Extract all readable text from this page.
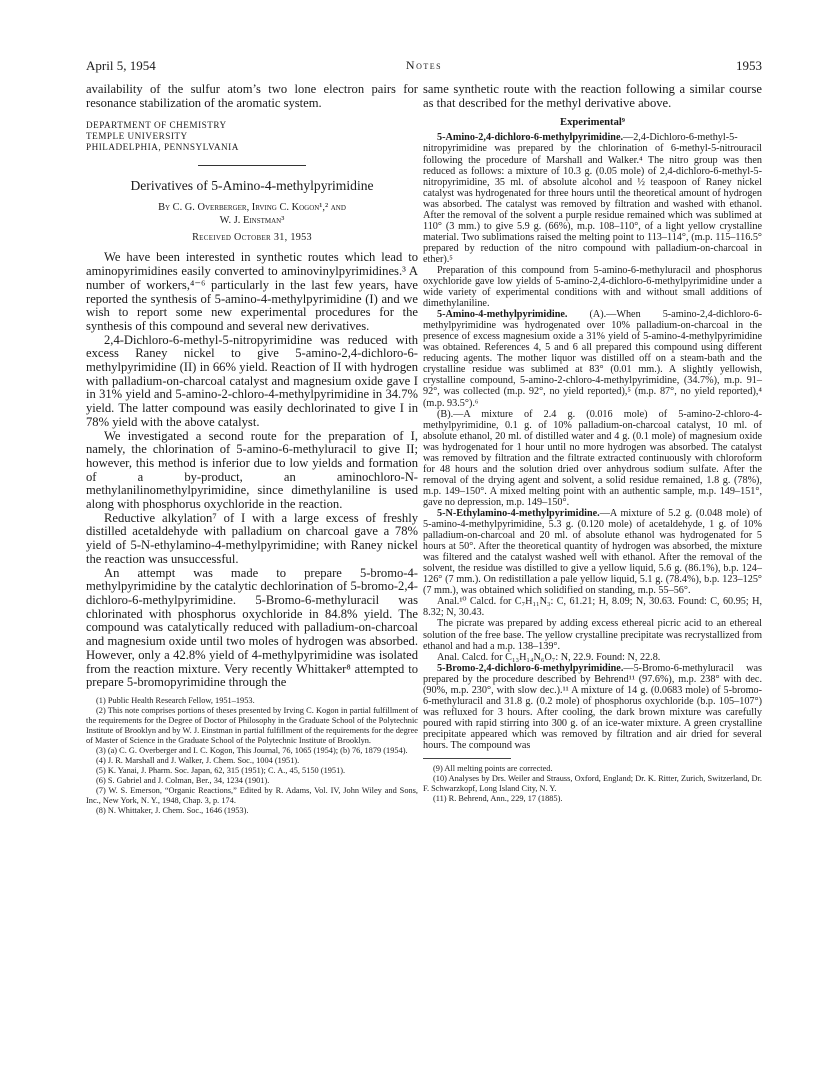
April 5, 1954	Notes	1953

availability of the sulfur atom’s two lone electron pairs for resonance stabilization of the aromatic system.

DEPARTMENT OF CHEMISTRY
TEMPLE UNIVERSITY
PHILADELPHIA, PENNSYLVANIA
Derivatives of 5-Amino-4-methylpyrimidine
By C. G. Overberger, Irving C. Kogon¹,² and
W. J. Einstman³
Received October 31, 1953

We have been interested in synthetic routes which lead to aminopyrimidines easily converted to aminovinylpyrimidines.³ A number of workers,⁴⁻⁶ particularly in the last few years, have reported the synthesis of 5-amino-4-methylpyrimidine (I) and we wish to report some new experimental procedures for the synthesis of this compound and several new derivatives.

2,4-Dichloro-6-methyl-5-nitropyrimidine was reduced with excess Raney nickel to give 5-amino-2,4-dichloro-6-methylpyrimidine (II) in 66% yield. Reaction of II with hydrogen with palladium-on-charcoal catalyst and magnesium oxide gave I in 31% yield and 5-amino-2-chloro-4-methylpyrimidine in 34.7% yield. The latter compound was easily dechlorinated to give I in 78% yield with the above catalyst.

We investigated a second route for the preparation of I, namely, the chlorination of 5-amino-6-methyluracil to give II; however, this method is inferior due to low yields and formation of a by-product, an aminochloro-N-methylanilinomethylpyrimidine, since dimethylaniline is used along with phosphorus oxychloride in the reaction.

Reductive alkylation⁷ of I with a large excess of freshly distilled acetaldehyde with palladium on charcoal gave a 78% yield of 5-N-ethylamino-4-methylpyrimidine; with Raney nickel the reaction was unsuccessful.

An attempt was made to prepare 5-bromo-4-methylpyrimidine by the catalytic dechlorination of 5-bromo-2,4-dichloro-6-methylpyrimidine. 5-Bromo-6-methyluracil was chlorinated with phosphorus oxychloride in 84.8% yield. The compound was catalytically reduced with palladium-on-charcoal and magnesium oxide until two moles of hydrogen was absorbed. However, only a 42.8% yield of 4-methylpyrimidine was isolated from the reaction mixture. Very recently Whittaker⁸ attempted to prepare 5-bromopyrimidine through the

(1) Public Health Research Fellow, 1951–1953.

(2) This note comprises portions of theses presented by Irving C. Kogon in partial fulfillment of the requirements for the Degree of Doctor of Philosophy in the Graduate School of the Polytechnic Institute of Brooklyn and by W. J. Einstman in partial fulfillment of the requirements for the degree of Master of Science in the Graduate School of the Polytechnic Institute of Brooklyn.

(3) (a) C. G. Overberger and I. C. Kogon, This Journal, 76, 1065 (1954); (b) 76, 1879 (1954).

(4) J. R. Marshall and J. Walker, J. Chem. Soc., 1004 (1951).

(5) K. Yanai, J. Pharm. Soc. Japan, 62, 315 (1951); C. A., 45, 5150 (1951).

(6) S. Gabriel and J. Colman, Ber., 34, 1234 (1901).

(7) W. S. Emerson, “Organic Reactions,” Edited by R. Adams, Vol. IV, John Wiley and Sons, Inc., New York, N. Y., 1948, Chap. 3, p. 174.

(8) N. Whittaker, J. Chem. Soc., 1646 (1953).

same synthetic route with the reaction following a similar course as that described for the methyl derivative above.

Experimental⁹

5-Amino-2,4-dichloro-6-methylpyrimidine.—2,4-Dichloro-6-methyl-5-nitropyrimidine was prepared by the chlorination of 6-methyl-5-nitrouracil following the procedure of Marshall and Walker.⁴ The nitro group was then reduced as follows: a mixture of 10.3 g. (0.05 mole) of 2,4-dichloro-6-methyl-5-nitropyrimidine, 35 ml. of absolute alcohol and ½ teaspoon of Raney nickel catalyst was hydrogenated for three hours until the theoretical amount of hydrogen was absorbed. The catalyst was removed by filtration and washed with ethanol. After the removal of the solvent a purple residue remained which was sublimed at 110° (3 mm.) to give 5.9 g. (66%), m.p. 108–110°, of a light yellow crystalline material. Two sublimations raised the melting point to 113–114°, (m.p. 115–116.5° prepared by reduction of the nitro compound with palladium-on-charcoal in ether).⁵

Preparation of this compound from 5-amino-6-methyluracil and phosphorus oxychloride gave low yields of 5-amino-2,4-dichloro-6-methylpyrimidine under a wide variety of experimental conditions with and without small additions of dimethylaniline.

5-Amino-4-methylpyrimidine. (A).—When 5-amino-2,4-dichloro-6-methylpyrimidine was hydrogenated over 10% palladium-on-charcoal in the presence of excess magnesium oxide a 31% yield of 5-amino-4-methylpyrimidine was obtained. References 4, 5 and 6 all prepared this compound using different reducing agents. The mother liquor was distilled off on a steam-bath and the crystalline residue was sublimed at 83° (0.01 mm.). A slightly yellowish, crystalline compound, 5-amino-2-chloro-4-methylpyrimidine, (34.7%), m.p. 91–92°, was collected (m.p. 92°, no yield reported),⁵ (m.p. 87°, no yield reported),⁴ (m.p. 93.5°).⁶

(B).—A mixture of 2.4 g. (0.016 mole) of 5-amino-2-chloro-4-methylpyrimidine, 0.1 g. of 10% palladium-on-charcoal catalyst, 10 ml. of absolute ethanol, 20 ml. of distilled water and 4 g. (0.1 mole) of magnesium oxide was hydrogenated for 1 hour until no more hydrogen was absorbed. The catalyst was removed by filtration and the filtrate extracted continuously with chloroform for 48 hours and the solution dried over anhydrous sodium sulfate. After the removal of the drying agent and solvent, a solid residue remained, 1.8 g. (78%), m.p. 149–150°. A mixed melting point with an authentic sample, m.p. 149–151°, gave no depression, m.p. 149–150°.

5-N-Ethylamino-4-methylpyrimidine.—A mixture of 5.2 g. (0.048 mole) of 5-amino-4-methylpyrimidine, 5.3 g. (0.120 mole) of acetaldehyde, 1 g. of 10% palladium-on-charcoal and 20 ml. of absolute ethanol was hydrogenated for 5 hours at 50°. After the theoretical quantity of hydrogen was absorbed, the mixture was filtered and the catalyst washed well with ethanol. After the removal of the solvent, the residue was distilled to give a yellow liquid, 5.6 g. (86.1%), b.p. 124–126° (7 mm.). On redistillation a pale yellow liquid, 5.1 g. (78.4%), b.p. 123–125° (7 mm.), was obtained which solidified on standing, m.p. 55–56°.

Anal.¹⁰ Calcd. for C₇H₁₁N₃: C, 61.21; H, 8.09; N, 30.63. Found: C, 60.95; H, 8.32; N, 30.43.

The picrate was prepared by adding excess ethereal picric acid to an ethereal solution of the free base. The yellow crystalline precipitate was recrystallized from ethanol and had a m.p. 138–139°.

Anal. Calcd. for C₁₃H₁₄N₆O₇: N, 22.9. Found: N, 22.8.

5-Bromo-2,4-dichloro-6-methylpyrimidine.—5-Bromo-6-methyluracil was prepared by the procedure described by Behrend¹¹ (97.6%), m.p. 238° with dec. (90%, m.p. 230°, with slow dec.).¹¹ A mixture of 14 g. (0.0683 mole) of 5-bromo-6-methyluracil and 31.8 g. (0.2 mole) of phosphorus oxychloride (b.p. 105–107°) was refluxed for 3 hours. After cooling, the dark brown mixture was carefully poured with rapid stirring into 300 g. of an ice-water mixture. A green crystalline precipitate appeared which was removed by filtration and air dried for several hours. The compound was

(9) All melting points are corrected.

(10) Analyses by Drs. Weiler and Strauss, Oxford, England; Dr. K. Ritter, Zurich, Switzerland, Dr. F. Schwarzkopf, Long Island City, N. Y.

(11) R. Behrend, Ann., 229, 17 (1885).
